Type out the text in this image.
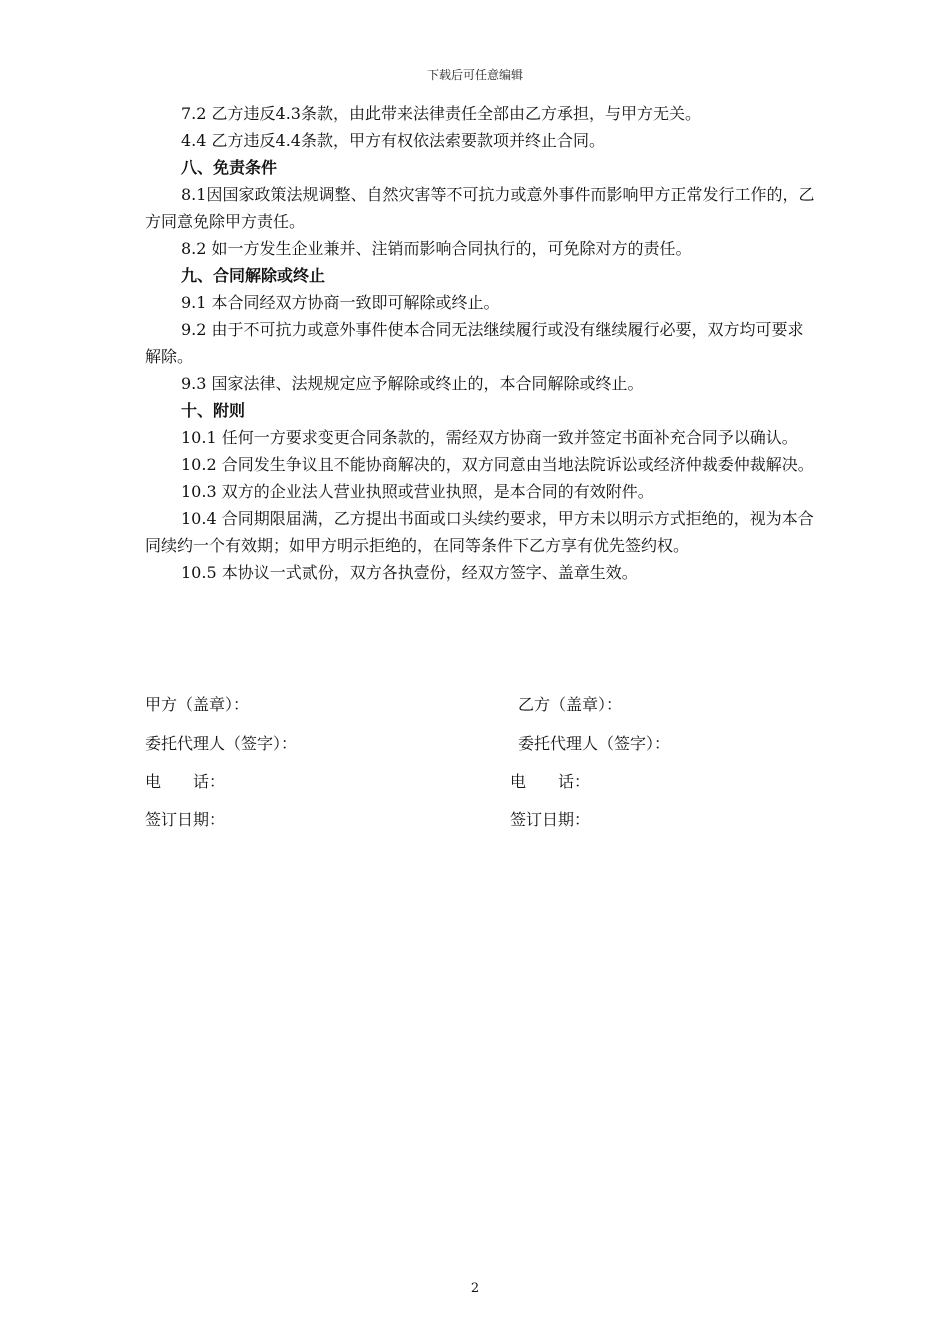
下载后可任意编辑

7.2 乙方违反4.3条款，由此带来法律责任全部由乙方承担，与甲方无关。

4.4 乙方违反4.4条款，甲方有权依法索要款项并终止合同。

八、免责条件

8.1因国家政策法规调整、自然灾害等不可抗力或意外事件而影响甲方正常发行工作的，乙方同意免除甲方责任。

8.2 如一方发生企业兼并、注销而影响合同执行的，可免除对方的责任。

九、合同解除或终止

9.1 本合同经双方协商一致即可解除或终止。

9.2 由于不可抗力或意外事件使本合同无法继续履行或没有继续履行必要，双方均可要求解除。

9.3 国家法律、法规规定应予解除或终止的，本合同解除或终止。

十、附则

10.1 任何一方要求变更合同条款的，需经双方协商一致并签定书面补充合同予以确认。

10.2 合同发生争议且不能协商解决的，双方同意由当地法院诉讼或经济仲裁委仲裁解决。

10.3 双方的企业法人营业执照或营业执照，是本合同的有效附件。

10.4 合同期限届满，乙方提出书面或口头续约要求，甲方未以明示方式拒绝的，视为本合同续约一个有效期；如甲方明示拒绝的，在同等条件下乙方享有优先签约权。

10.5 本协议一式贰份，双方各执壹份，经双方签字、盖章生效。

甲方（盖章）：	乙方（盖章）：
委托代理人（签字）：	委托代理人（签字）：
电　　话：	电　　话：
签订日期：	签订日期：
2
